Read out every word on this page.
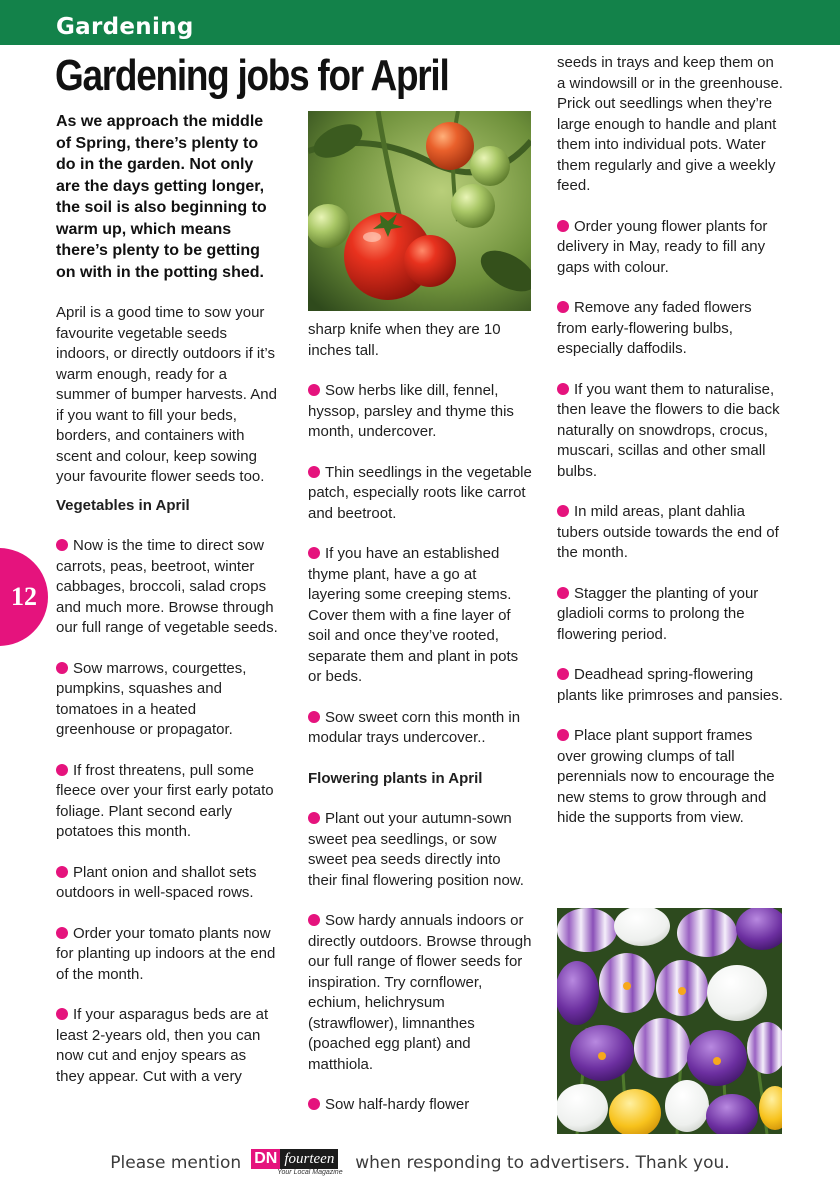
Gardening
Gardening jobs for April
12

As we approach the middle of Spring, there’s plenty to do in the garden. Not only are the days getting longer, the soil is also beginning to warm up, which means there’s plenty to be getting on with in the potting shed.

April is a good time to sow your favourite vegetable seeds indoors, or directly outdoors if it’s warm enough, ready for a summer of bumper harvests. And if you want to fill your beds, borders, and containers with scent and colour, keep sowing your favourite flower seeds too.

Vegetables in April

Now is the time to direct sow carrots, peas, beetroot, winter cabbages, broccoli, salad crops and much more. Browse through our full range of vegetable seeds.

Sow marrows, courgettes, pumpkins, squashes and tomatoes in a heated greenhouse or propagator.

If frost threatens, pull some fleece over your first early potato foliage. Plant second early potatoes this month.

Plant onion and shallot sets outdoors in well-spaced rows.

Order your tomato plants now for planting up indoors at the end of the month.

If your asparagus beds are at least 2-years old, then you can now cut and enjoy spears as they appear. Cut with a very

sharp knife when they are 10 inches tall.

Sow herbs like dill, fennel, hyssop, parsley and thyme this month, undercover.

Thin seedlings in the vegetable patch, especially roots like carrot and beetroot.

If you have an established thyme plant, have a go at layering some creeping stems. Cover them with a fine layer of soil and once they’ve rooted, separate them and plant in pots or beds.

Sow sweet corn this month in modular trays undercover..

Flowering plants in April

Plant out your autumn-sown sweet pea seedlings, or sow sweet pea seeds directly into their final flowering position now.

Sow hardy annuals indoors or directly outdoors. Browse through our full range of flower seeds for inspiration. Try cornflower, echium, helichrysum (strawflower), limnanthes (poached egg plant) and matthiola.

Sow half-hardy flower

seeds in trays and keep them on a windowsill or in the greenhouse. Prick out seedlings when they’re large enough to handle and plant them into individual pots. Water them regularly and give a weekly feed.

Order young flower plants for delivery in May, ready to fill any gaps with colour.

Remove any faded flowers from early-flowering bulbs, especially daffodils.

If you want them to naturalise, then leave the flowers to die back naturally on snowdrops, crocus, muscari, scillas and other small bulbs.

In mild areas, plant dahlia tubers outside towards the end of the month.

Stagger the planting of your gladioli corms to prolong the flowering period.

Deadhead spring-flowering plants like primroses and pansies.

Place plant support frames over growing clumps of tall perennials now to encourage the new stems to grow through and hide the supports from view.

Please mention DN fourteen
Your Local Magazine when responding to advertisers. Thank you.
